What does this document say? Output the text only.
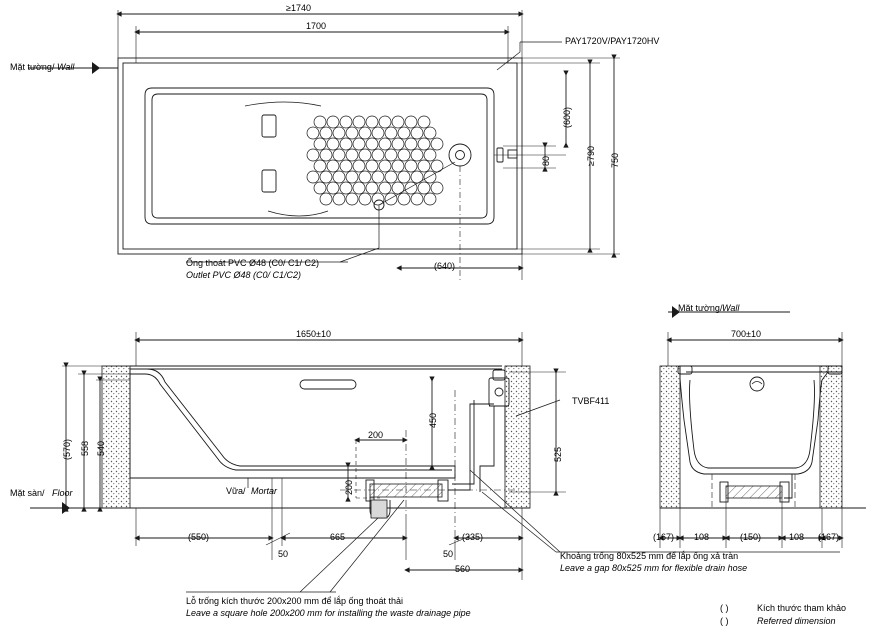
≥1740
1700
Mặt tường/ Wall
PAY1720V/PAY1720HV
≥790 750
(600)
80
(640)
Ống thoát PVC Ø48 (C0/ C1/ C2)
Outlet PVC Ø48 (C0/ C1/C2)
1650±10
(570) 558 540
450
525
200
200
Mặt sàn/ Floor	Vữa/ Mortar
(550)
50
665
50
(335)
560
TVBF411
Khoảng trống 80x525 mm để lắp ống xả tràn
Leave a gap 80x525 mm for flexible drain hose
Lỗ trống kích thước 200x200 mm để lắp ống thoát thải
Leave a square hole 200x200 mm for installing the waste drainage pipe
Mặt tường/ Wall
700±10
(167) 108	(150)	108 (167)
( )	Kích thước tham khảo
( )	Referred dimension
